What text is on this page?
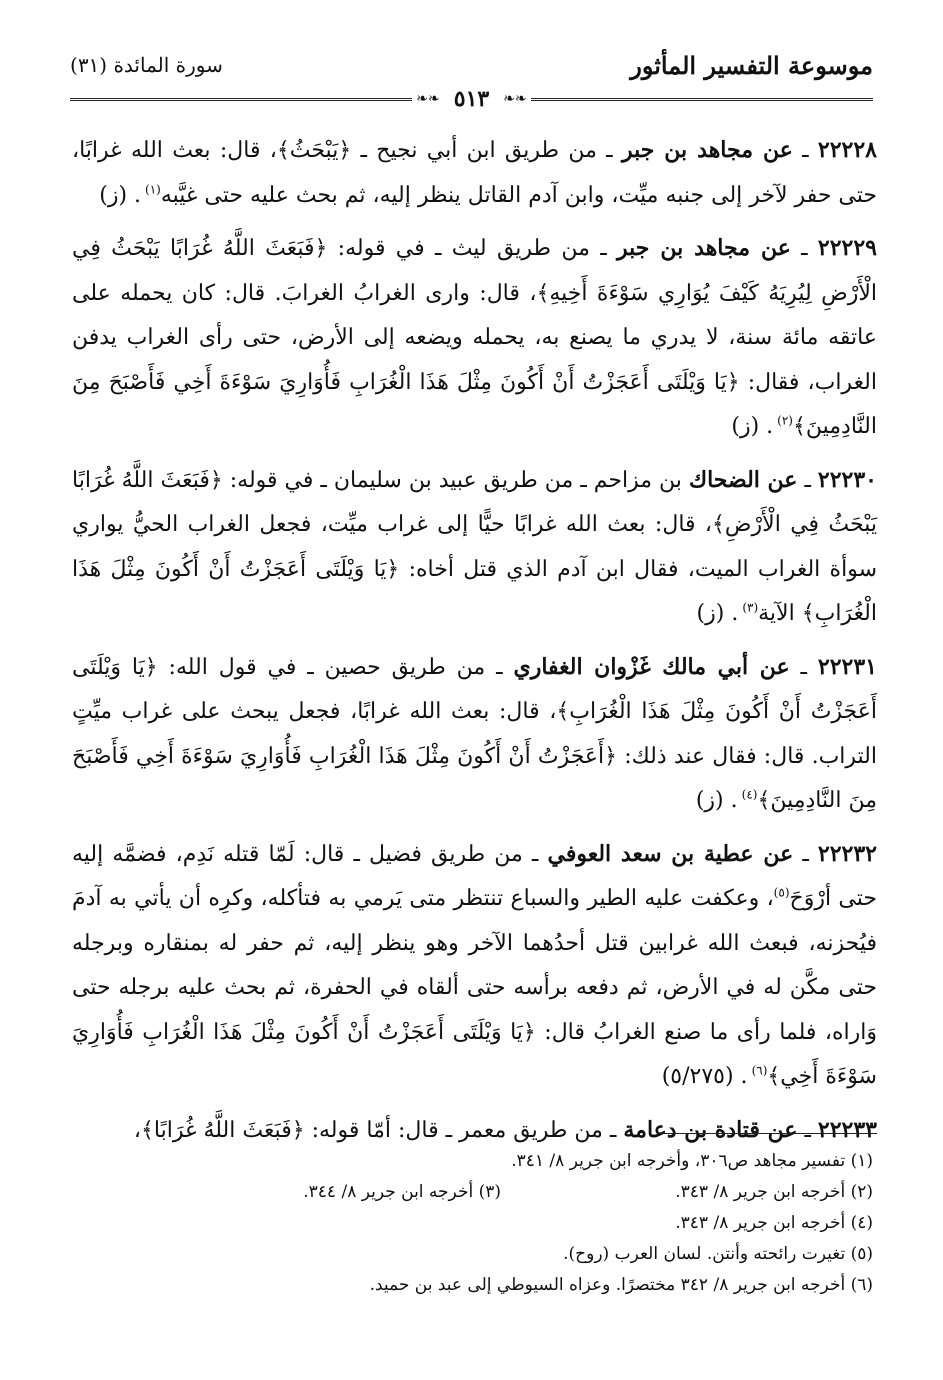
موسوعة التفسير المأثور
سورة المائدة (٣١)
❧❧
٥١٣
❧❧

٢٢٢٢٨ ـ عن مجاهد بن جبر ـ من طريق ابن أبي نجيح ـ ﴿يَبْحَثُ﴾، قال: بعث الله غرابًا، حتى حفر لآخر إلى جنبه ميِّت، وابن آدم القاتل ينظر إليه، ثم بحث عليه حتى غيَّبه$^{(١)}$. (ز)

٢٢٢٢٩ ـ عن مجاهد بن جبر ـ من طريق ليث ـ في قوله: ﴿فَبَعَثَ اللَّهُ غُرَابًا يَبْحَثُ فِي الْأَرْضِ لِيُرِيَهُ كَيْفَ يُوَارِي سَوْءَةَ أَخِيهِ﴾، قال: وارى الغرابُ الغرابَ. قال: كان يحمله على عاتقه مائة سنة، لا يدري ما يصنع به، يحمله ويضعه إلى الأرض، حتى رأى الغراب يدفن الغراب، فقال: ﴿يَا وَيْلَتَى أَعَجَزْتُ أَنْ أَكُونَ مِثْلَ هَذَا الْغُرَابِ فَأُوَارِيَ سَوْءَةَ أَخِي فَأَصْبَحَ مِنَ النَّادِمِينَ﴾$^{(٢)}$. (ز)

٢٢٢٣٠ ـ عن الضحاك بن مزاحم ـ من طريق عبيد بن سليمان ـ في قوله: ﴿فَبَعَثَ اللَّهُ غُرَابًا يَبْحَثُ فِي الْأَرْضِ﴾، قال: بعث الله غرابًا حيًّا إلى غراب ميِّت، فجعل الغراب الحيُّ يواري سوأة الغراب الميت، فقال ابن آدم الذي قتل أخاه: ﴿يَا وَيْلَتَى أَعَجَزْتُ أَنْ أَكُونَ مِثْلَ هَذَا الْغُرَابِ﴾ الآية$^{(٣)}$. (ز)

٢٢٢٣١ ـ عن أبي مالك غَزْوان الغفاري ـ من طريق حصين ـ في قول الله: ﴿يَا وَيْلَتَى أَعَجَزْتُ أَنْ أَكُونَ مِثْلَ هَذَا الْغُرَابِ﴾، قال: بعث الله غرابًا، فجعل يبحث على غراب ميِّتٍ التراب. قال: فقال عند ذلك: ﴿أَعَجَزْتُ أَنْ أَكُونَ مِثْلَ هَذَا الْغُرَابِ فَأُوَارِيَ سَوْءَةَ أَخِي فَأَصْبَحَ مِنَ النَّادِمِينَ﴾$^{(٤)}$. (ز)

٢٢٢٣٢ ـ عن عطية بن سعد العوفي ـ من طريق فضيل ـ قال: لَمّا قتله نَدِم، فضمَّه إليه حتى أرْوَحَ$^{(٥)}$، وعكفت عليه الطير والسباع تنتظر متى يَرمي به فتأكله، وكرِه أن يأتي به آدمَ فيُحزنه، فبعث الله غرابين قتل أحدُهما الآخر وهو ينظر إليه، ثم حفر له بمنقاره وبرجله حتى مكَّن له في الأرض، ثم دفعه برأسه حتى ألقاه في الحفرة، ثم بحث عليه برجله حتى وَاراه، فلما رأى ما صنع الغرابُ قال: ﴿يَا وَيْلَتَى أَعَجَزْتُ أَنْ أَكُونَ مِثْلَ هَذَا الْغُرَابِ فَأُوَارِيَ سَوْءَةَ أَخِي﴾$^{(٦)}$. (٥/٢٧٥)

٢٢٢٣٣ ـ عن قتادة بن دعامة ـ من طريق معمر ـ قال: أمّا قوله: ﴿فَبَعَثَ اللَّهُ غُرَابًا﴾،

(١) تفسير مجاهد ص٣٠٦، وأخرجه ابن جرير ٨/ ٣٤١.
(٢) أخرجه ابن جرير ٨/ ٣٤٣.
(٣) أخرجه ابن جرير ٨/ ٣٤٤.
(٤) أخرجه ابن جرير ٨/ ٣٤٣.
(٥) تغيرت رائحته وأنتن. لسان العرب (روح).
(٦) أخرجه ابن جرير ٨/ ٣٤٢ مختصرًا. وعزاه السيوطي إلى عبد بن حميد.
